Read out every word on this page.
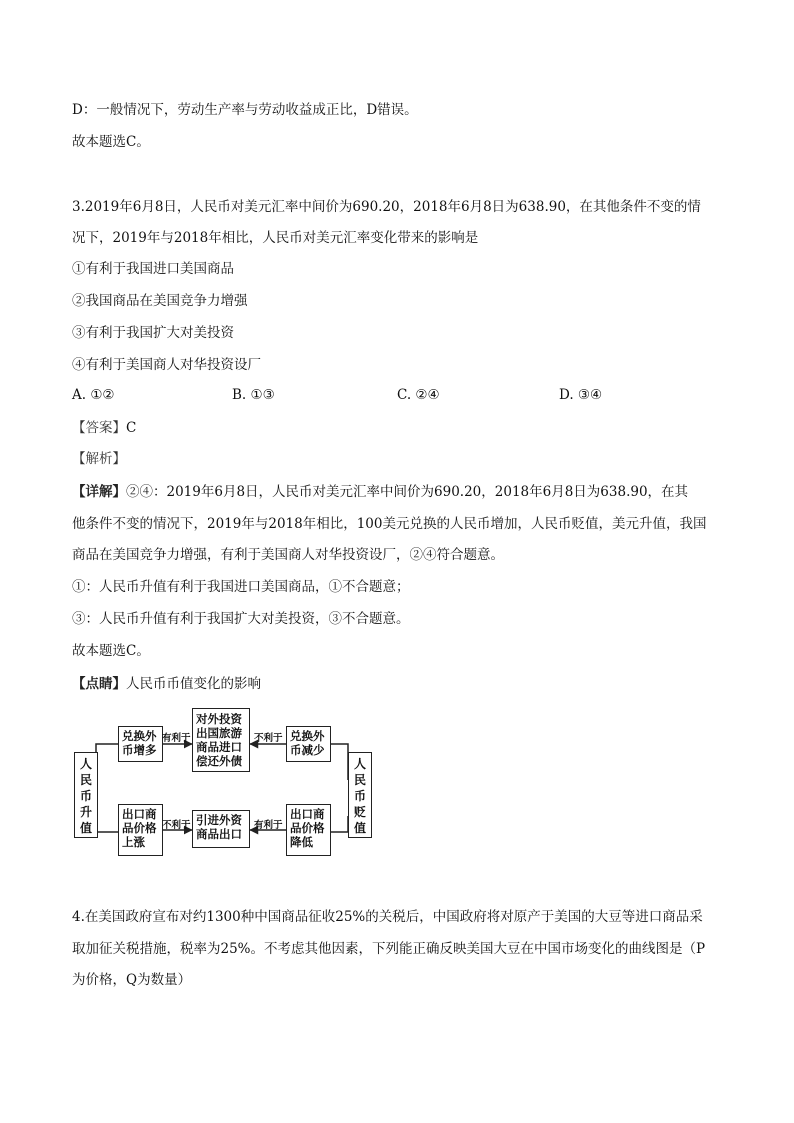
D：一般情况下，劳动生产率与劳动收益成正比，D错误。
故本题选C。
3.2019年6月8日，人民币对美元汇率中间价为690.20，2018年6月8日为638.90，在其他条件不变的情
况下，2019年与2018年相比，人民币对美元汇率变化带来的影响是
①有利于我国进口美国商品
②我国商品在美国竞争力增强
③有利于我国扩大对美投资
④有利于美国商人对华投资设厂
A. ①②	B. ①③	C. ②④	D. ③④
【答案】C
【解析】
【详解】②④：2019年6月8日，人民币对美元汇率中间价为690.20，2018年6月8日为638.90，在其
他条件不变的情况下，2019年与2018年相比，100美元兑换的人民币增加，人民币贬值，美元升值，我国
商品在美国竞争力增强，有利于美国商人对华投资设厂，②④符合题意。
①：人民币升值有利于我国进口美国商品，①不合题意；
③：人民币升值有利于我国扩大对美投资，③不合题意。
故本题选C。
【点睛】人民币币值变化的影响
人
民
币
升
值
人
民
币
贬
值
兑换外
币增多
对外投资
出国旅游
商品进口
偿还外债
兑换外
币减少
出口商
品价格
上涨
引进外资
商品出口
出口商
品价格
降低
有利于	不利于
不利于	有利于
4.在美国政府宣布对约1300种中国商品征收25%的关税后，中国政府将对原产于美国的大豆等进口商品采
取加征关税措施，税率为25%。不考虑其他因素，下列能正确反映美国大豆在中国市场变化的曲线图是（P
为价格，Q为数量）
